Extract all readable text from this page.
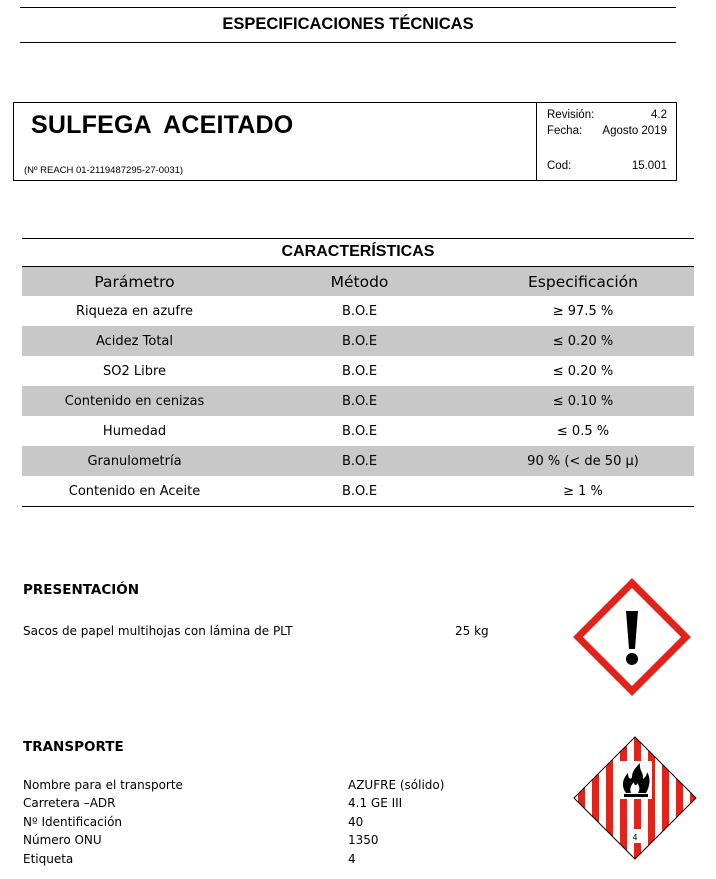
ESPECIFICACIONES TÉCNICAS
SULFEGA ACEITADO
(Nº REACH 01-2119487295-27-0031)
Revisión:	4.2
Fecha: Agosto 2019
Cod:	15.001
CARACTERÍSTICAS
Parámetro	Método	Especificación
Riqueza en azufre	B.O.E	≥ 97.5 %
Acidez Total	B.O.E	≤ 0.20 %
SO2 Libre	B.O.E	≤ 0.20 %
Contenido en cenizas	B.O.E	≤ 0.10 %
Humedad	B.O.E	≤ 0.5 %
Granulometría	B.O.E	90 % (< de 50 µ)
Contenido en Aceite	B.O.E	≥ 1 %
PRESENTACIÓN
Sacos de papel multihojas con lámina de PLT	25 kg
TRANSPORTE
Nombre para el transporte	AZUFRE (sólido)
Carretera –ADR	4.1 GE III
Nº Identificación	40
Número ONU	1350
Etiqueta	4
4
